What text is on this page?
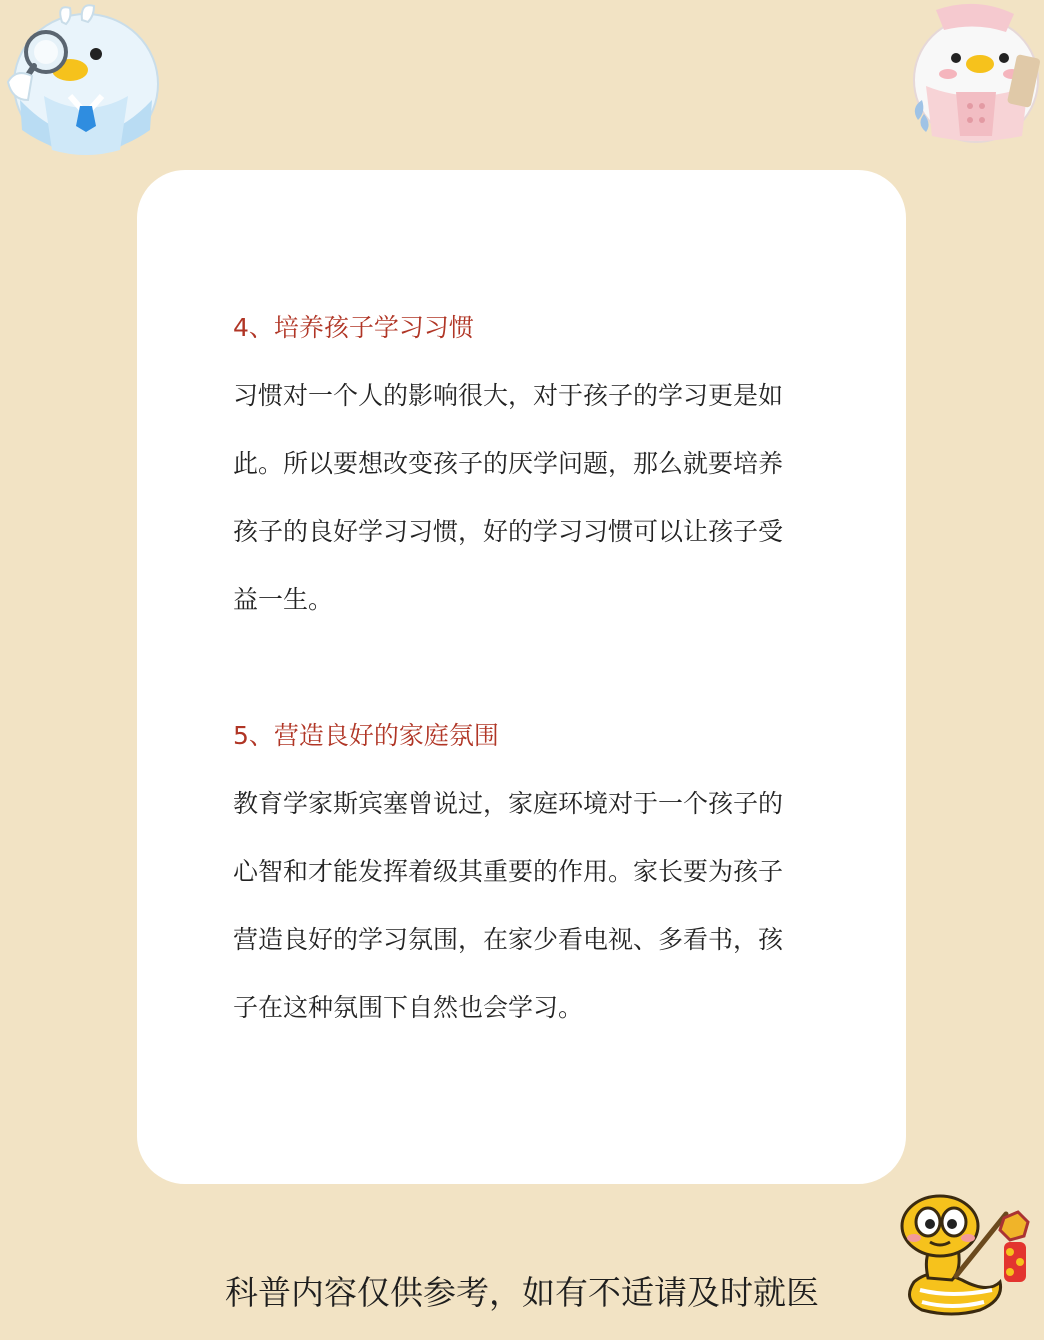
4、培养孩子学习习惯

习惯对一个人的影响很大，对于孩子的学习更是如
此。所以要想改变孩子的厌学问题，那么就要培养
孩子的良好学习习惯，好的学习习惯可以让孩子受
益一生。

5、营造良好的家庭氛围

教育学家斯宾塞曾说过，家庭环境对于一个孩子的
心智和才能发挥着级其重要的作用。家长要为孩子
营造良好的学习氛围，在家少看电视、多看书，孩
子在这种氛围下自然也会学习。

科普内容仅供参考，如有不适请及时就医
